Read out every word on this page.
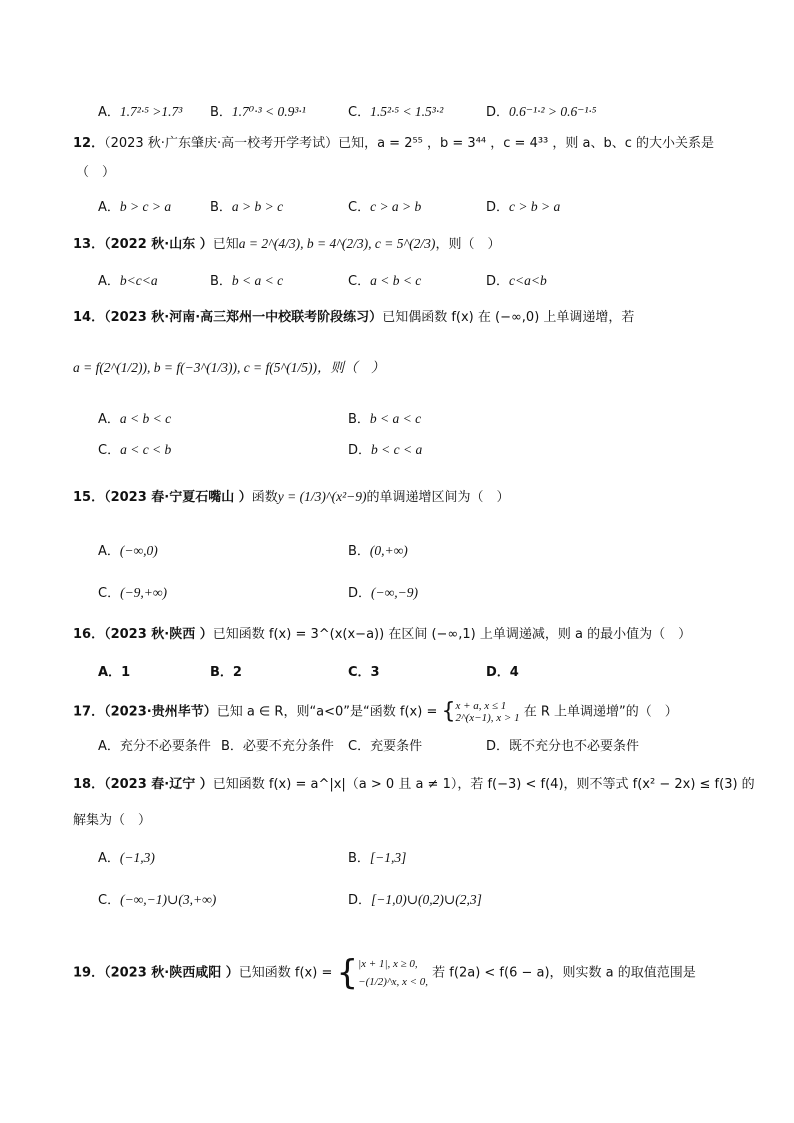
A．1.7²·⁵ >1.7³ B．1.7⁰·³ < 0.9³·¹	C．1.5²·⁵ < 1.5³·²	D．0.6⁻¹·² > 0.6⁻¹·⁵
12．（2023 秋·广东肇庆·高一校考开学考试）已知，a = 2⁵⁵ ，b = 3⁴⁴ ，c = 4³³ ，则 a、b、c 的大小关系是
（　）
A．b > c > a	B．a > b > c	C．c > a > b	D．c > b > a
13．（2022 秋·山东 ）已知a = 2^(4/3), b = 4^(2/3), c = 5^(2/3)，则（　）
A．b<c<a	B．b < a < c	C．a < b < c	D．c<a<b
14．（2023 秋·河南·高三郑州一中校联考阶段练习）已知偶函数 f(x) 在 (−∞,0) 上单调递增，若
a = f(2^(1/2)), b = f(−3^(1/3)), c = f(5^(1/5))，则（　）
A．a < b < c	B．b < a < c
C．a < c < b	D．b < c < a
15．（2023 春·宁夏石嘴山 ）函数y = (1/3)^(x²−9)的单调递增区间为（　）
A．(−∞,0)	B．(0,+∞)
C．(−9,+∞)	D．(−∞,−9)
16．（2023 秋·陕西 ）已知函数 f(x) = 3^(x(x−a)) 在区间 (−∞,1) 上单调递减，则 a 的最小值为（　）
A．1	B．2	C．3	D．4
17．（2023·贵州毕节）已知 a ∈ R，则“a<0”是“函数 f(x) = { x + a, x ≤ 1
2^(x−1), x > 1 在 R 上单调递增”的（　）
A．充分不必要条件 B．必要不充分条件 C．充要条件	D．既不充分也不必要条件
18．（2023 春·辽宁 ）已知函数 f(x) = a^|x|（a > 0 且 a ≠ 1），若 f(−3) < f(4)，则不等式 f(x² − 2x) ≤ f(3) 的
解集为（　）
A．(−1,3)	B．[−1,3]
C．(−∞,−1)∪(3,+∞)	D．[−1,0)∪(0,2)∪(2,3]
19．（2023 秋·陕西咸阳 ）已知函数 f(x) = { |x + 1|, x ≥ 0,
−(1/2)^x, x < 0,
若 f(2a) < f(6 − a)，则实数 a 的取值范围是
